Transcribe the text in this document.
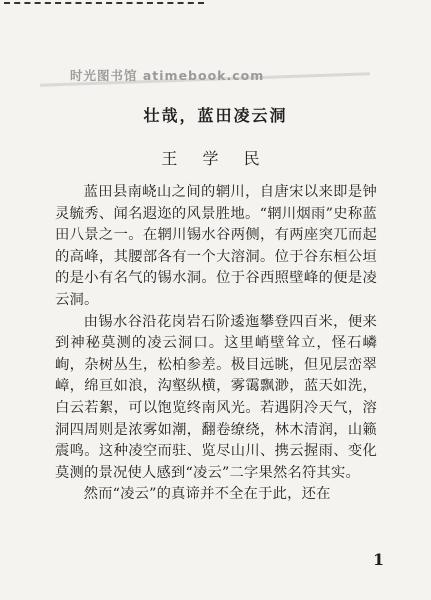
时光图书馆 atimebook.com
壮哉，蓝田凌云洞
王 学 民

蓝田县南峣山之间的辋川，自唐宋以来即是钟灵毓秀、闻名遐迩的风景胜地。“辋川烟雨”史称蓝田八景之一。在辋川锡水谷两侧，有两座突兀而起的高峰，其腰部各有一个大溶洞。位于谷东桓公垣的是小有名气的锡水洞。位于谷西照壁峰的便是凌云洞。

由锡水谷沿花岗岩石阶逶迤攀登四百米，便来到神秘莫测的凌云洞口。这里峭壁耸立，怪石嶙峋，杂树丛生，松柏参差。极目远眺，但见层峦翠嶂，绵亘如浪，沟壑纵横，雾霭飘渺，蓝天如洗，白云若絮，可以饱览终南风光。若遇阴冷天气，溶洞四周则是浓雾如潮，翻卷缭绕，林木清润，山籁震鸣。这种凌空而驻、览尽山川、携云握雨、变化莫测的景况使人感到“凌云”二字果然名符其实。

然而“凌云”的真谛并不全在于此，还在

1
